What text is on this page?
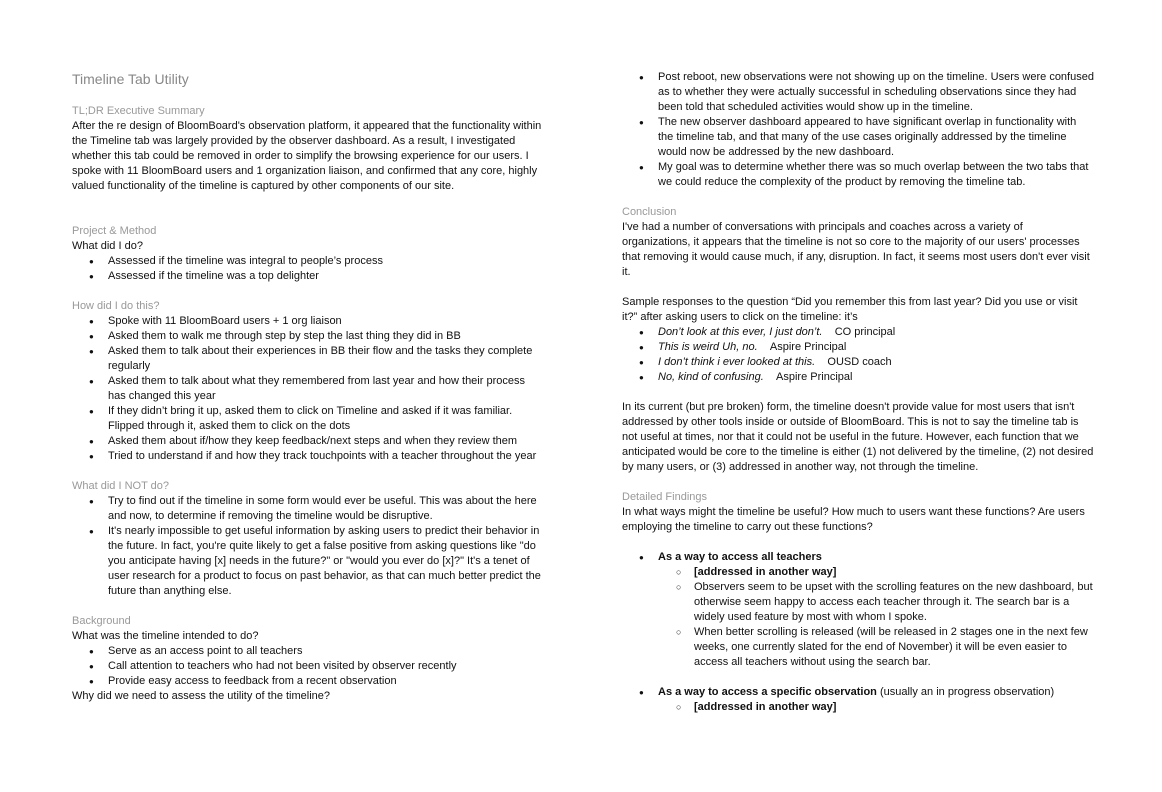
Timeline Tab Utility
TL;DR Executive Summary
After the re design of BloomBoard's observation platform, it appeared that the functionality within the Timeline tab was largely provided by the observer dashboard. As a result, I investigated whether this tab could be removed in order to simplify the browsing experience for our users. I spoke with 11 BloomBoard users and 1 organization liaison, and confirmed that any core, highly valued functionality of the timeline is captured by other components of our site.
Project & Method
What did I do?
● Assessed if the timeline was integral to people’s process
● Assessed if the timeline was a top delighter
How did I do this?
● Spoke with 11 BloomBoard users + 1 org liaison
● Asked them to walk me through step by step the last thing they did in BB
● Asked them to talk about their experiences in BB their flow and the tasks they complete regularly
● Asked them to talk about what they remembered from last year and how their process has changed this year
● If they didn’t bring it up, asked them to click on Timeline and asked if it was familiar. Flipped through it, asked them to click on the dots
● Asked them about if/how they keep feedback/next steps and when they review them
● Tried to understand if and how they track touchpoints with a teacher throughout the year
What did I NOT do?
● Try to find out if the timeline in some form would ever be useful. This was about the here and now, to determine if removing the timeline would be disruptive.
● It's nearly impossible to get useful information by asking users to predict their behavior in the future. In fact, you're quite likely to get a false positive from asking questions like "do you anticipate having [x] needs in the future?" or "would you ever do [x]?" It's a tenet of user research for a product to focus on past behavior, as that can much better predict the future than anything else.
Background
What was the timeline intended to do?
● Serve as an access point to all teachers
● Call attention to teachers who had not been visited by observer recently
● Provide easy access to feedback from a recent observation
Why did we need to assess the utility of the timeline?
● Post reboot, new observations were not showing up on the timeline. Users were confused as to whether they were actually successful in scheduling observations since they had been told that scheduled activities would show up in the timeline.
● The new observer dashboard appeared to have significant overlap in functionality with the timeline tab, and that many of the use cases originally addressed by the timeline would now be addressed by the new dashboard.
● My goal was to determine whether there was so much overlap between the two tabs that we could reduce the complexity of the product by removing the timeline tab.
Conclusion
I've had a number of conversations with principals and coaches across a variety of organizations, it appears that the timeline is not so core to the majority of our users' processes that removing it would cause much, if any, disruption. In fact, it seems most users don't ever visit it.
Sample responses to the question “Did you remember this from last year? Did you use or visit it?” after asking users to click on the timeline: it’s
● Don’t look at this ever, I just don’t. CO principal
● This is weird Uh, no. Aspire Principal
● I don’t think i ever looked at this. OUSD coach
● No, kind of confusing. Aspire Principal
In its current (but pre broken) form, the timeline doesn't provide value for most users that isn't addressed by other tools inside or outside of BloomBoard. This is not to say the timeline tab is not useful at times, nor that it could not be useful in the future. However, each function that we anticipated would be core to the timeline is either (1) not delivered by the timeline, (2) not desired by many users, or (3) addressed in another way, not through the timeline.
Detailed Findings
In what ways might the timeline be useful? How much to users want these functions? Are users employing the timeline to carry out these functions?
● As a way to access all teachers
○ [addressed in another way]
○ Observers seem to be upset with the scrolling features on the new dashboard, but otherwise seem happy to access each teacher through it. The search bar is a widely used feature by most with whom I spoke.
○ When better scrolling is released (will be released in 2 stages one in the next few weeks, one currently slated for the end of November) it will be even easier to access all teachers without using the search bar.
● As a way to access a specific observation (usually an in progress observation)
○ [addressed in another way]
